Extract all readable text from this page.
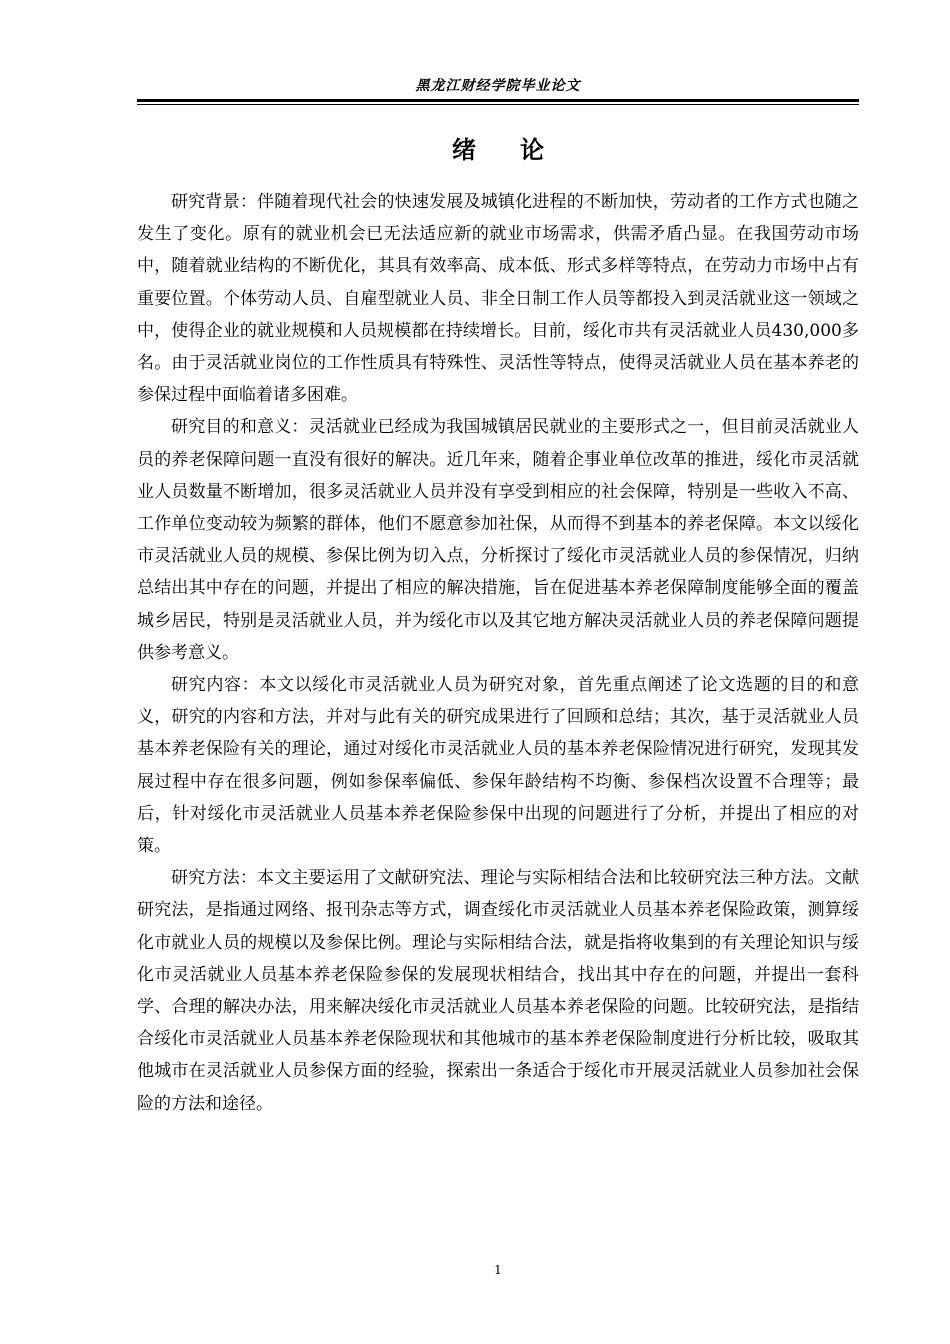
黑龙江财经学院毕业论文
绪论

研究背景：伴随着现代社会的快速发展及城镇化进程的不断加快，劳动者的工作方式也随之发生了变化。原有的就业机会已无法适应新的就业市场需求，供需矛盾凸显。在我国劳动市场中，随着就业结构的不断优化，其具有效率高、成本低、形式多样等特点，在劳动力市场中占有重要位置。个体劳动人员、自雇型就业人员、非全日制工作人员等都投入到灵活就业这一领域之中，使得企业的就业规模和人员规模都在持续增长。目前，绥化市共有灵活就业人员430,000多名。由于灵活就业岗位的工作性质具有特殊性、灵活性等特点，使得灵活就业人员在基本养老的参保过程中面临着诸多困难。

研究目的和意义：灵活就业已经成为我国城镇居民就业的主要形式之一，但目前灵活就业人员的养老保障问题一直没有很好的解决。近几年来，随着企事业单位改革的推进，绥化市灵活就业人员数量不断增加，很多灵活就业人员并没有享受到相应的社会保障，特别是一些收入不高、工作单位变动较为频繁的群体，他们不愿意参加社保，从而得不到基本的养老保障。本文以绥化市灵活就业人员的规模、参保比例为切入点，分析探讨了绥化市灵活就业人员的参保情况，归纳总结出其中存在的问题，并提出了相应的解决措施，旨在促进基本养老保障制度能够全面的覆盖城乡居民，特别是灵活就业人员，并为绥化市以及其它地方解决灵活就业人员的养老保障问题提供参考意义。

研究内容：本文以绥化市灵活就业人员为研究对象，首先重点阐述了论文选题的目的和意义，研究的内容和方法，并对与此有关的研究成果进行了回顾和总结；其次，基于灵活就业人员基本养老保险有关的理论，通过对绥化市灵活就业人员的基本养老保险情况进行研究，发现其发展过程中存在很多问题，例如参保率偏低、参保年龄结构不均衡、参保档次设置不合理等；最后，针对绥化市灵活就业人员基本养老保险参保中出现的问题进行了分析，并提出了相应的对策。

研究方法：本文主要运用了文献研究法、理论与实际相结合法和比较研究法三种方法。文献研究法，是指通过网络、报刊杂志等方式，调查绥化市灵活就业人员基本养老保险政策，测算绥化市就业人员的规模以及参保比例。理论与实际相结合法，就是指将收集到的有关理论知识与绥化市灵活就业人员基本养老保险参保的发展现状相结合，找出其中存在的问题，并提出一套科学、合理的解决办法，用来解决绥化市灵活就业人员基本养老保险的问题。比较研究法，是指结合绥化市灵活就业人员基本养老保险现状和其他城市的基本养老保险制度进行分析比较，吸取其他城市在灵活就业人员参保方面的经验，探索出一条适合于绥化市开展灵活就业人员参加社会保险的方法和途径。

1
